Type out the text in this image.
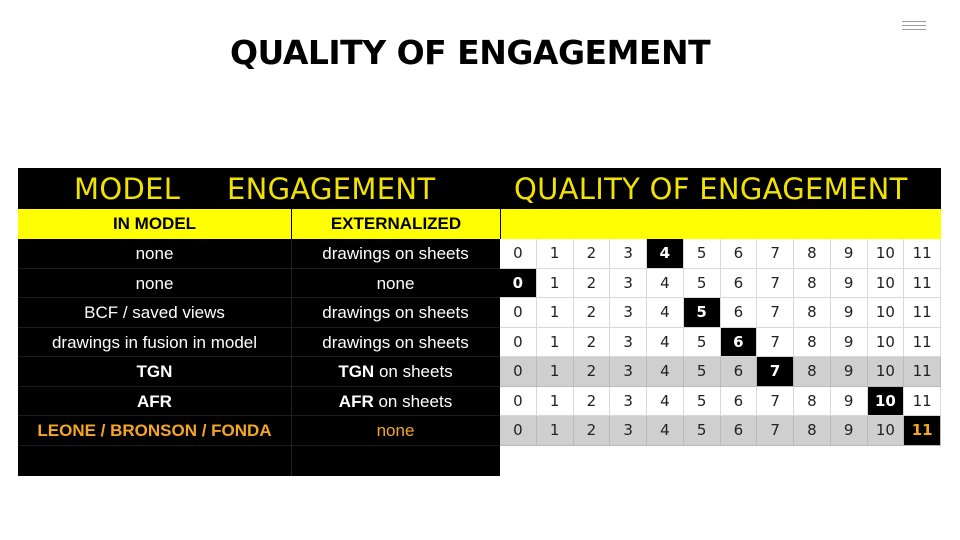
QUALITY OF ENGAGEMENT
MODEL ENGAGEMENT	QUALITY OF ENGAGEMENT
IN MODEL	EXTERNALIZED
none	drawings on sheets	0	1	2	3	4	5	6	7	8	9	10	11
none	none	0	1	2	3	4	5	6	7	8	9	10	11
BCF / saved views	drawings on sheets	0	1	2	3	4	5	6	7	8	9	10	11
drawings in fusion in model	drawings on sheets	0	1	2	3	4	5	6	7	8	9	10	11
TGN	TGN on sheets	0	1	2	3	4	5	6	7	8	9	10	11
AFR	AFR on sheets	0	1	2	3	4	5	6	7	8	9	10	11
LEONE / BRONSON / FONDA	none	0	1	2	3	4	5	6	7	8	9	10	11
